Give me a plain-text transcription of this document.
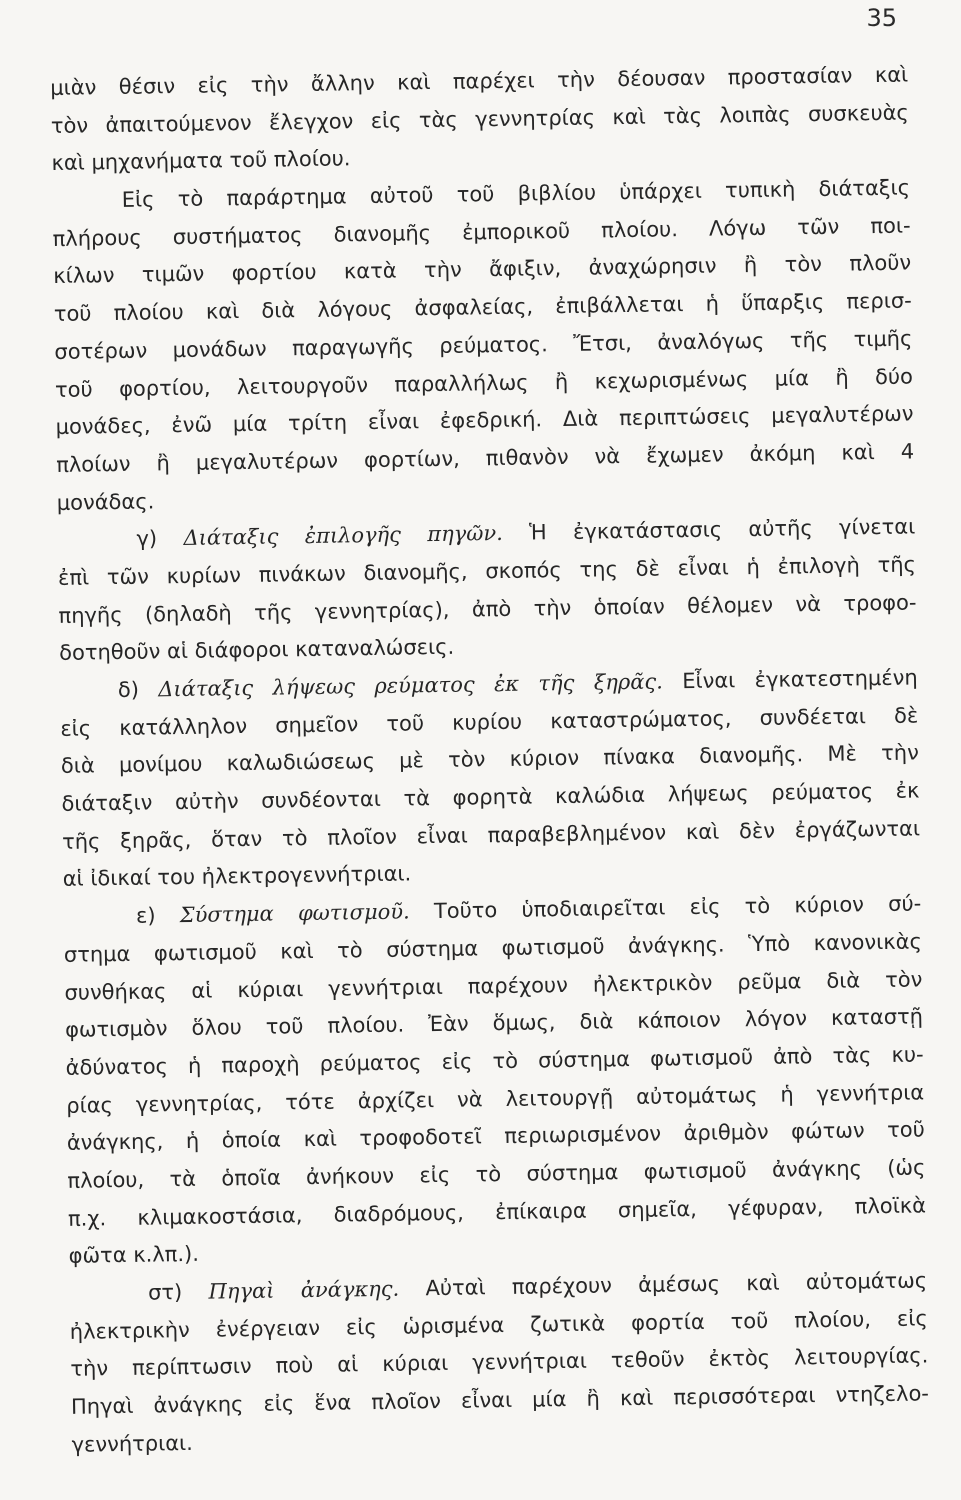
35
μιὰν θέσιν εἰς τὴν ἄλλην καὶ παρέχει τὴν δέουσαν προστασίαν καὶ
τὸν ἀπαιτούμενον ἔλεγχον εἰς τὰς γεννητρίας καὶ τὰς λοιπὰς συσκευὰς
καὶ μηχανήματα τοῦ πλοίου.
Εἰς τὸ παράρτημα αὐτοῦ τοῦ βιβλίου ὑπάρχει τυπικὴ διάταξις
πλήρους συστήματος διανομῆς ἐμπορικοῦ πλοίου. Λόγω τῶν ποι-
κίλων τιμῶν φορτίου κατὰ τὴν ἄφιξιν, ἀναχώρησιν ἢ τὸν πλοῦν
τοῦ πλοίου καὶ διὰ λόγους ἀσφαλείας, ἐπιβάλλεται ἡ ὕπαρξις περισ-
σοτέρων μονάδων παραγωγῆς ρεύματος. Ἔτσι, ἀναλόγως τῆς τιμῆς
τοῦ φορτίου, λειτουργοῦν παραλλήλως ἢ κεχωρισμένως μία ἢ δύο
μονάδες, ἐνῶ μία τρίτη εἶναι ἐφεδρική. Διὰ περιπτώσεις μεγαλυτέρων
πλοίων ἢ μεγαλυτέρων φορτίων, πιθανὸν νὰ ἔχωμεν ἀκόμη καὶ 4
μονάδας.
γ) Διάταξις ἐπιλογῆς πηγῶν. Ἡ ἐγκατάστασις αὐτῆς γίνεται
ἐπὶ τῶν κυρίων πινάκων διανομῆς, σκοπός της δὲ εἶναι ἡ ἐπιλογὴ τῆς
πηγῆς (δηλαδὴ τῆς γεννητρίας), ἀπὸ τὴν ὁποίαν θέλομεν νὰ τροφο-
δοτηθοῦν αἱ διάφοροι καταναλώσεις.
δ) Διάταξις λήψεως ρεύματος ἐκ τῆς ξηρᾶς. Εἶναι ἐγκατεστημένη
εἰς κατάλληλον σημεῖον τοῦ κυρίου καταστρώματος, συνδέεται δὲ
διὰ μονίμου καλωδιώσεως μὲ τὸν κύριον πίνακα διανομῆς. Μὲ τὴν
διάταξιν αὐτὴν συνδέονται τὰ φορητὰ καλώδια λήψεως ρεύματος ἐκ
τῆς ξηρᾶς, ὅταν τὸ πλοῖον εἶναι παραβεβλημένον καὶ δὲν ἐργάζωνται
αἱ ἰδικαί του ἠλεκτρογεννήτριαι.
ε) Σύστημα φωτισμοῦ. Τοῦτο ὑποδιαιρεῖται εἰς τὸ κύριον σύ-
στημα φωτισμοῦ καὶ τὸ σύστημα φωτισμοῦ ἀνάγκης. Ὑπὸ κανονικὰς
συνθήκας αἱ κύριαι γεννήτριαι παρέχουν ἠλεκτρικὸν ρεῦμα διὰ τὸν
φωτισμὸν ὅλου τοῦ πλοίου. Ἐὰν ὅμως, διὰ κάποιον λόγον καταστῇ
ἀδύνατος ἡ παροχὴ ρεύματος εἰς τὸ σύστημα φωτισμοῦ ἀπὸ τὰς κυ-
ρίας γεννητρίας, τότε ἀρχίζει νὰ λειτουργῇ αὐτομάτως ἡ γεννήτρια
ἀνάγκης, ἡ ὁποία καὶ τροφοδοτεῖ περιωρισμένον ἀριθμὸν φώτων τοῦ
πλοίου, τὰ ὁποῖα ἀνήκουν εἰς τὸ σύστημα φωτισμοῦ ἀνάγκης (ὡς
π.χ. κλιμακοστάσια, διαδρόμους, ἐπίκαιρα σημεῖα, γέφυραν, πλοϊκὰ
φῶτα κ.λπ.).
στ) Πηγαὶ ἀνάγκης. Αὐταὶ παρέχουν ἀμέσως καὶ αὐτομάτως
ἠλεκτρικὴν ἐνέργειαν εἰς ὡρισμένα ζωτικὰ φορτία τοῦ πλοίου, εἰς
τὴν περίπτωσιν ποὺ αἱ κύριαι γεννήτριαι τεθοῦν ἐκτὸς λειτουργίας.
Πηγαὶ ἀνάγκης εἰς ἕνα πλοῖον εἶναι μία ἢ καὶ περισσότεραι ντηζελο-
γεννήτριαι.
